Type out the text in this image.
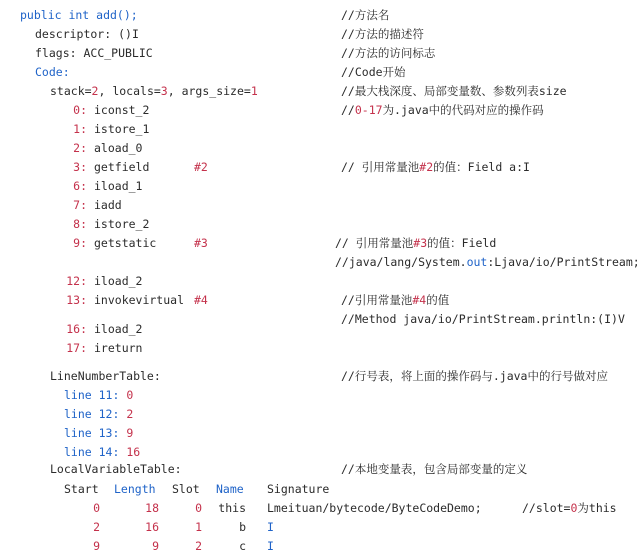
public int add();	//方法名
descriptor: ()I	//方法的描述符
flags: ACC_PUBLIC	//方法的访问标志
Code:	//Code开始
stack=2, locals=3, args_size=1	//最大栈深度、局部变量数、参数列表size
0: iconst_2	//0-17为.java中的代码对应的操作码
1: istore_1
2: aload_0
3: getfield	#2	// 引用常量池#2的值：Field a:I
6: iload_1
7: iadd
8: istore_2
9: getstatic	#3	// 引用常量池#3的值：Field
//java/lang/System.out:Ljava/io/PrintStream;
12: iload_2
13: invokevirtual #4	//引用常量池#4的值
//Method java/io/PrintStream.println:(I)V
16: iload_2
17: ireturn
LineNumberTable:	//行号表，将上面的操作码与.java中的行号做对应
line 11: 0
line 12: 2
line 13: 9
line 14: 16
LocalVariableTable:	//本地变量表，包含局部变量的定义
Start Length Slot Name Signature
0	18	0 this Lmeituan/bytecode/ByteCodeDemo;	//slot=0为this
2	16	1	b I
9	9	2	c I
